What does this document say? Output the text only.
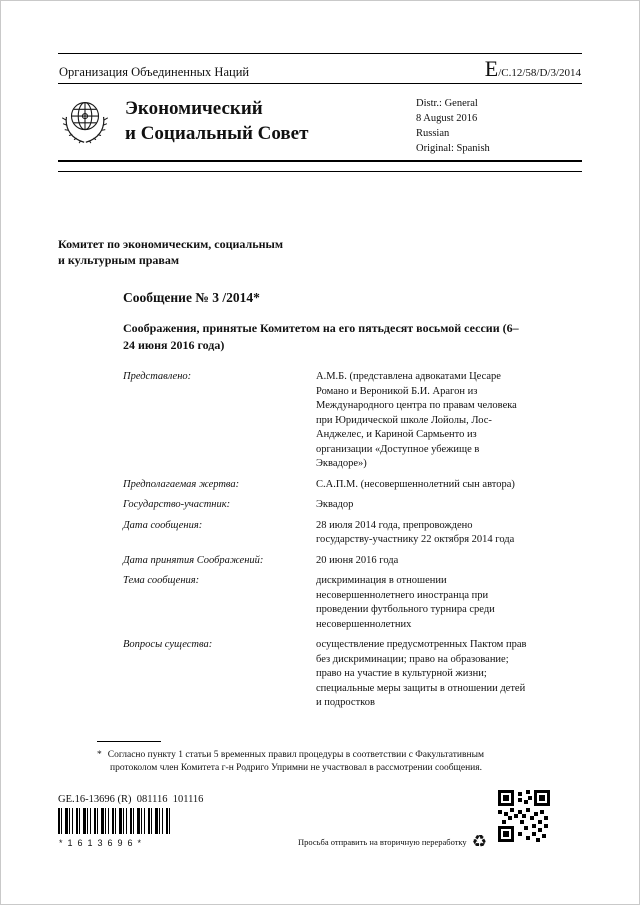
Организация Объединенных Наций	E/C.12/58/D/3/2014
Экономический
и Социальный Совет
Distr.: General
8 August 2016
Russian
Original: Spanish
Комитет по экономическим, социальным
и культурным правам
Сообщение № 3 /2014*
Соображения, принятые Комитетом на его пятьдесят восьмой сессии (6–24 июня 2016 года)
Представлено:	А.М.Б. (представлена адвокатами Цесаре Романо и Вероникой Б.И. Арагон из Международного центра по правам человека при Юридической школе Лойолы, Лос-Анджелес, и Кариной Сармьенто из организации «Доступное убежище в Эквадоре»)
Предполагаемая жертва:	С.А.П.М. (несовершеннолетний сын автора)
Государство-участник:	Эквадор
Дата сообщения:	28 июля 2014 года, препровождено государству-участнику 22 октября 2014 года
Дата принятия Соображений:	20 июня 2016 года
Тема сообщения:	дискриминация в отношении несовершеннолетнего иностранца при проведении футбольного турнира среди несовершеннолетних
Вопросы существа:	осуществление предусмотренных Пактом прав без дискриминации; право на образование; право на участие в культурной жизни; специальные меры защиты в отношении детей и подростков

* Согласно пункту 1 статьи 5 временных правил процедуры в соответствии с Факультативным протоколом член Комитета г-н Родриго Упримни не участвовал в рассмотрении сообщения.

GE.16-13696 (R)  081116  101116
*1613696*	Просьба отправить на вторичную переработку ♻
